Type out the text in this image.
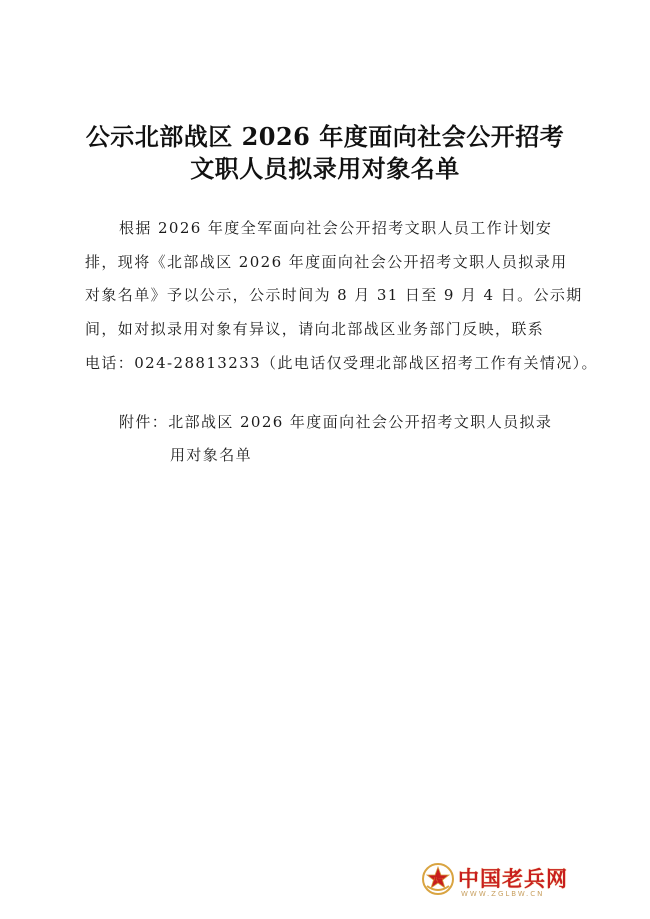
公示北部战区 2026 年度面向社会公开招考
文职人员拟录用对象名单
根据 2026 年度全军面向社会公开招考文职人员工作计划安
排，现将《北部战区 2026 年度面向社会公开招考文职人员拟录用
对象名单》予以公示，公示时间为 8 月 31 日至 9 月 4 日。公示期
间，如对拟录用对象有异议，请向北部战区业务部门反映，联系
电话：024-28813233（此电话仅受理北部战区招考工作有关情况）。
附件：北部战区 2026 年度面向社会公开招考文职人员拟录
用对象名单
八一 中国老兵网
WWW.ZGLBW.CN
